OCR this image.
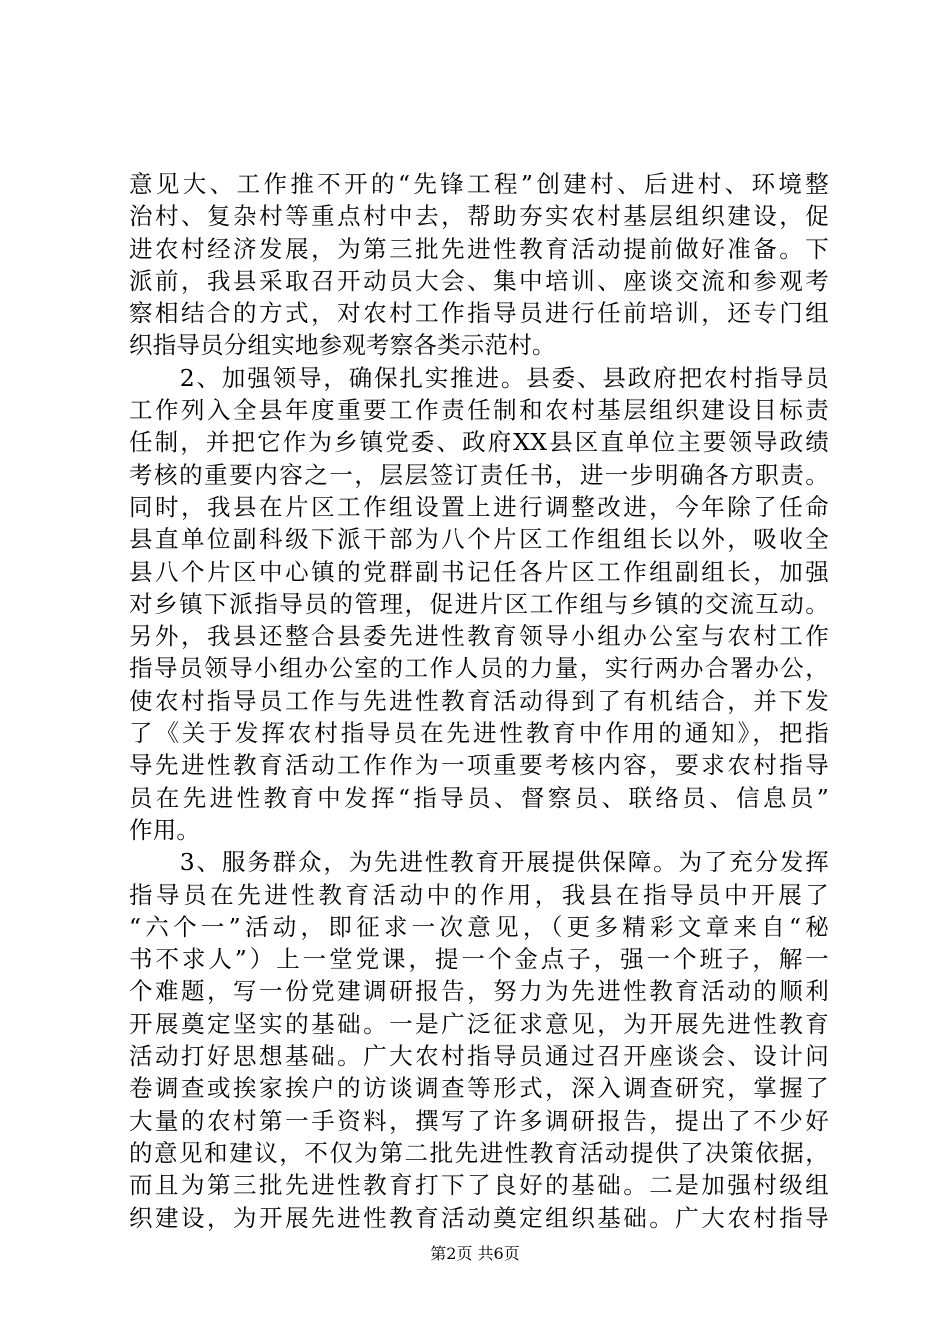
意见大、工作推不开的“先锋工程”创建村、后进村、环境整
治村、复杂村等重点村中去，帮助夯实农村基层组织建设，促
进农村经济发展，为第三批先进性教育活动提前做好准备。下
派前，我县采取召开动员大会、集中培训、座谈交流和参观考
察相结合的方式，对农村工作指导员进行任前培训，还专门组
织指导员分组实地参观考察各类示范村。
　　2、加强领导，确保扎实推进。县委、县政府把农村指导员
工作列入全县年度重要工作责任制和农村基层组织建设目标责
任制，并把它作为乡镇党委、政府XX县区直单位主要领导政绩
考核的重要内容之一，层层签订责任书，进一步明确各方职责。
同时，我县在片区工作组设置上进行调整改进，今年除了任命
县直单位副科级下派干部为八个片区工作组组长以外，吸收全
县八个片区中心镇的党群副书记任各片区工作组副组长，加强
对乡镇下派指导员的管理，促进片区工作组与乡镇的交流互动。
另外，我县还整合县委先进性教育领导小组办公室与农村工作
指导员领导小组办公室的工作人员的力量，实行两办合署办公，
使农村指导员工作与先进性教育活动得到了有机结合，并下发
了《关于发挥农村指导员在先进性教育中作用的通知》，把指
导先进性教育活动工作作为一项重要考核内容，要求农村指导
员在先进性教育中发挥“指导员、督察员、联络员、信息员”
作用。
　　3、服务群众，为先进性教育开展提供保障。为了充分发挥
指导员在先进性教育活动中的作用，我县在指导员中开展了
“六个一”活动，即征求一次意见，（更多精彩文章来自“秘
书不求人”）上一堂党课，提一个金点子，强一个班子，解一
个难题，写一份党建调研报告，努力为先进性教育活动的顺利
开展奠定坚实的基础。一是广泛征求意见，为开展先进性教育
活动打好思想基础。广大农村指导员通过召开座谈会、设计问
卷调查或挨家挨户的访谈调查等形式，深入调查研究，掌握了
大量的农村第一手资料，撰写了许多调研报告，提出了不少好
的意见和建议，不仅为第二批先进性教育活动提供了决策依据，
而且为第三批先进性教育打下了良好的基础。二是加强村级组
织建设，为开展先进性教育活动奠定组织基础。广大农村指导
第2页 共6页
